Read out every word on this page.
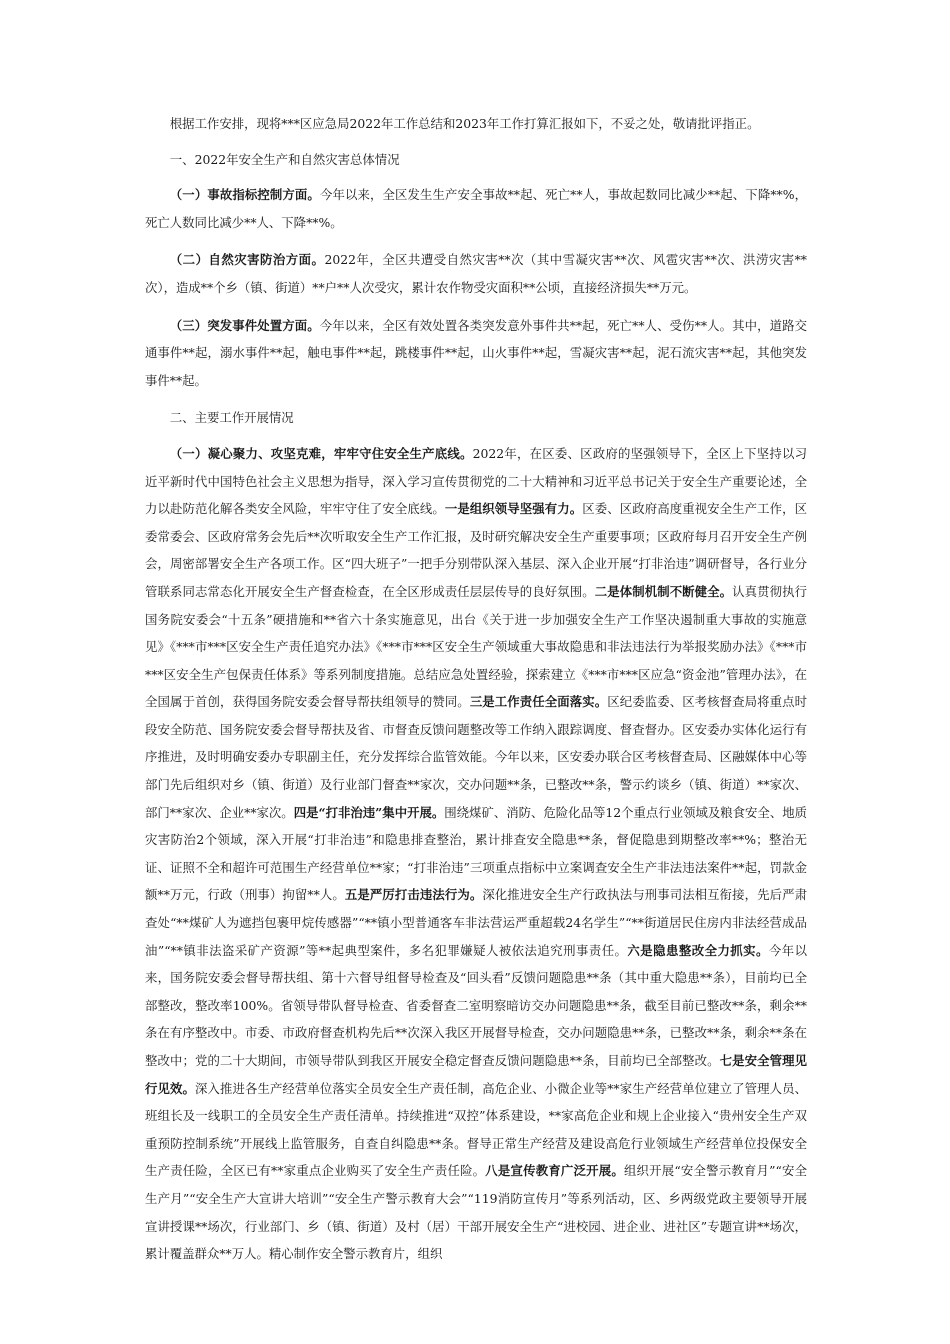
根据工作安排，现将***区应急局2022年工作总结和2023年工作打算汇报如下，不妥之处，敬请批评指正。

一、2022年安全生产和自然灾害总体情况

（一）事故指标控制方面。今年以来，全区发生生产安全事故**起、死亡**人，事故起数同比减少**起、下降**%，死亡人数同比减少**人、下降**%。

（二）自然灾害防治方面。2022年，全区共遭受自然灾害**次（其中雪凝灾害**次、风雹灾害**次、洪涝灾害**次），造成**个乡（镇、街道）**户**人次受灾，累计农作物受灾面积**公顷，直接经济损失**万元。

（三）突发事件处置方面。今年以来，全区有效处置各类突发意外事件共**起，死亡**人、受伤**人。其中，道路交通事件**起，溺水事件**起，触电事件**起，跳楼事件**起，山火事件**起，雪凝灾害**起，泥石流灾害**起，其他突发事件**起。

二、主要工作开展情况

（一）凝心聚力、攻坚克难，牢牢守住安全生产底线。2022年，在区委、区政府的坚强领导下，全区上下坚持以习近平新时代中国特色社会主义思想为指导，深入学习宣传贯彻党的二十大精神和习近平总书记关于安全生产重要论述，全力以赴防范化解各类安全风险，牢牢守住了安全底线。一是组织领导坚强有力。区委、区政府高度重视安全生产工作，区委常委会、区政府常务会先后**次听取安全生产工作汇报，及时研究解决安全生产重要事项；区政府每月召开安全生产例会，周密部署安全生产各项工作。区“四大班子”一把手分别带队深入基层、深入企业开展“打非治违”调研督导，各行业分管联系同志常态化开展安全生产督查检查，在全区形成责任层层传导的良好氛围。二是体制机制不断健全。认真贯彻执行国务院安委会“十五条”硬措施和**省六十条实施意见，出台《关于进一步加强安全生产工作坚决遏制重大事故的实施意见》《***市***区安全生产责任追究办法》《***市***区安全生产领域重大事故隐患和非法违法行为举报奖励办法》《***市***区安全生产包保责任体系》等系列制度措施。总结应急处置经验，探索建立《***市***区应急“资金池”管理办法》，在全国属于首创，获得国务院安委会督导帮扶组领导的赞同。三是工作责任全面落实。区纪委监委、区考核督查局将重点时段安全防范、国务院安委会督导帮扶及省、市督查反馈问题整改等工作纳入跟踪调度、督查督办。区安委办实体化运行有序推进，及时明确安委办专职副主任，充分发挥综合监管效能。今年以来，区安委办联合区考核督查局、区融媒体中心等部门先后组织对乡（镇、街道）及行业部门督查**家次，交办问题**条，已整改**条，警示约谈乡（镇、街道）**家次、部门**家次、企业**家次。四是“打非治违”集中开展。围绕煤矿、消防、危险化品等12个重点行业领域及粮食安全、地质灾害防治2个领域，深入开展“打非治违”和隐患排查整治，累计排查安全隐患**条，督促隐患到期整改率**%；整治无证、证照不全和超许可范围生产经营单位**家；“打非治违”三项重点指标中立案调查安全生产非法违法案件**起，罚款金额**万元，行政（刑事）拘留**人。五是严厉打击违法行为。深化推进安全生产行政执法与刑事司法相互衔接，先后严肃查处“**煤矿人为遮挡包裹甲烷传感器”“**镇小型普通客车非法营运严重超载24名学生”“**街道居民住房内非法经营成品油”“**镇非法盗采矿产资源”等**起典型案件，多名犯罪嫌疑人被依法追究刑事责任。六是隐患整改全力抓实。今年以来，国务院安委会督导帮扶组、第十六督导组督导检查及“回头看”反馈问题隐患**条（其中重大隐患**条），目前均已全部整改，整改率100%。省领导带队督导检查、省委督查二室明察暗访交办问题隐患**条，截至目前已整改**条，剩余**条在有序整改中。市委、市政府督查机构先后**次深入我区开展督导检查，交办问题隐患**条，已整改**条，剩余**条在整改中；党的二十大期间，市领导带队到我区开展安全稳定督查反馈问题隐患**条，目前均已全部整改。七是安全管理见行见效。深入推进各生产经营单位落实全员安全生产责任制，高危企业、小微企业等**家生产经营单位建立了管理人员、班组长及一线职工的全员安全生产责任清单。持续推进“双控”体系建设，**家高危企业和规上企业接入“贵州安全生产双重预防控制系统”开展线上监管服务，自查自纠隐患**条。督导正常生产经营及建设高危行业领域生产经营单位投保安全生产责任险，全区已有**家重点企业购买了安全生产责任险。八是宣传教育广泛开展。组织开展“安全警示教育月”“安全生产月”“安全生产大宣讲大培训”“安全生产警示教育大会”“119消防宣传月”等系列活动，区、乡两级党政主要领导开展宣讲授课**场次，行业部门、乡（镇、街道）及村（居）干部开展安全生产“进校园、进企业、进社区”专题宣讲**场次，累计覆盖群众**万人。精心制作安全警示教育片，组织
